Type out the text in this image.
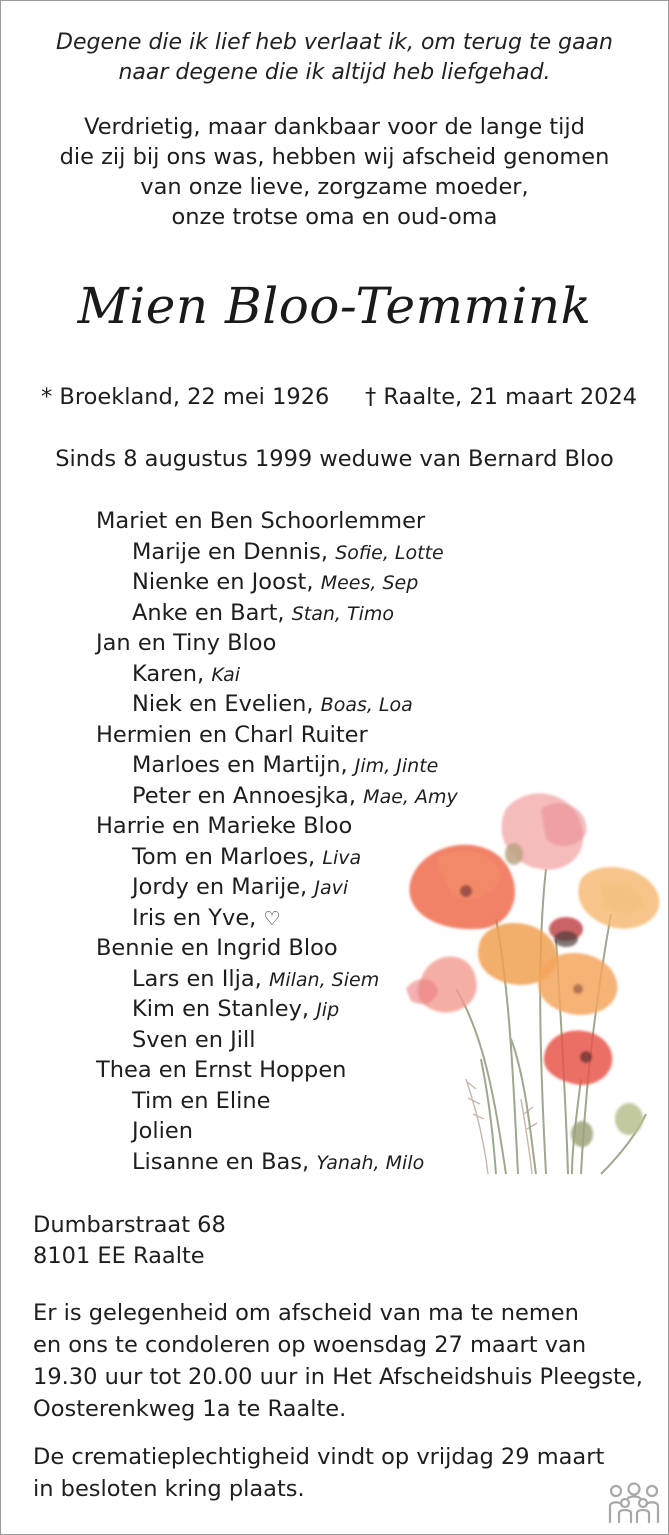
Degene die ik lief heb verlaat ik, om terug te gaan

naar degene die ik altijd heb liefgehad.

Verdrietig, maar dankbaar voor de lange tijd

die zij bij ons was, hebben wij afscheid genomen

van onze lieve, zorgzame moeder,

onze trotse oma en oud-oma

Mien Bloo-Temmink

* Broekland, 22 mei 1926 † Raalte, 21 maart 2024

Sinds 8 augustus 1999 weduwe van Bernard Bloo

Mariet en Ben Schoorlemmer
Marije en Dennis, Sofie, Lotte
Nienke en Joost, Mees, Sep
Anke en Bart, Stan, Timo
Jan en Tiny Bloo
Karen, Kai
Niek en Evelien, Boas, Loa
Hermien en Charl Ruiter
Marloes en Martijn, Jim, Jinte
Peter en Annoesjka, Mae, Amy
Harrie en Marieke Bloo
Tom en Marloes, Liva
Jordy en Marije, Javi
Iris en Yve, ♡
Bennie en Ingrid Bloo
Lars en Ilja, Milan, Siem
Kim en Stanley, Jip
Sven en Jill
Thea en Ernst Hoppen
Tim en Eline
Jolien
Lisanne en Bas, Yanah, Milo

Dumbarstraat 68

8101 EE Raalte

Er is gelegenheid om afscheid van ma te nemen

en ons te condoleren op woensdag 27 maart van

19.30 uur tot 20.00 uur in Het Afscheidshuis Pleegste,

Oosterenkweg 1a te Raalte.

De crematieplechtigheid vindt op vrijdag 29 maart

in besloten kring plaats.
